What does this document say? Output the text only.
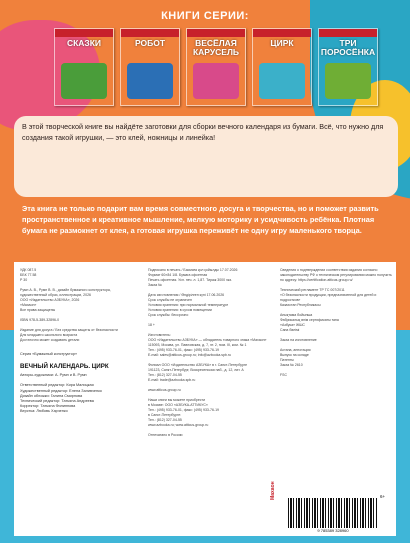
КНИГИ СЕРИИ:
СКАЗКИ	РОБОТ	ВЕСЁЛАЯ КАРУСЕЛЬ
ЦИРК	ТРИ ПОРОСЁНКА
В этой творческой книге вы найдёте заготовки для сборки вечного календаря из бумаги. Всё, что нужно для создания такой игрушки, — это клей, ножницы и линейка!
Эта книга не только подарит вам время совместного досуга и творчества, но и поможет развить пространственное и креативное мышление, мелкую моторику и усидчивость ребёнка. Плотная бумага не размокнет от клея, а готовая игрушка переживёт не одну игру маленького творца.
УДК 087.5
ББК 77.58
Р 30

Румп А. В., Румп В. В., дизайн бумажного конструктора, художественный образ, иллюстрации, 2026
ООО «Издательство АЗБУКА», 2026
«Махаон»
Все права защищены

ISBN 978-5-389-32896-0

Издание для досуга / Без средства защиты от безопасности
Для младшего школьного возраста
Достаточно может создавать детали
Серия «Бумажный конструктор»
ВЕЧНЫЙ КАЛЕНДАРЬ. ЦИРК
Авторы-художники: А. Румп и В. Румп

Ответственный редактор: Кира Малицкая
Художественный редактор: Елена Заливченко
Дизайн обложки: Галина Смирнова
Технический редактор: Татьяна Андреева
Корректор: Татьяна Филиппова
Верстка: Любовь Харченко
Подписано в печать / Басмаға қол қойылды 17.07.2026
Формат 60×84 1/8. Бумага офсетная
Печать офсетная. Усл. печ. л. 1,87. Тираж 3000 экз.
Заказ №

Дата изготовления / Өндірілген күні 17.06.2026
Срок службы не ограничен
Условия хранения: при нормальной температуре
Условия хранения: в сухом помещении
Срок службы: бессрочно

18 +

Изготовитель:
ООО «Издательство АЗБУКА» — обладатель товарного знака «Махаон»
115093, Москва, ул. Павловская, д. 7, эт. 2, пом. III, ком. № 1
Тел.: (495) 933-76-01, факс: (495) 933-76-19
E-mail: sales@atticus-group.ru; info@azbooka.spb.ru

Филиал ООО «Издательство АЗБУКА» в г. Санкт-Петербурге
191123, Санкт-Петербург, Воскресенская наб., д. 12, лит. А
Тел.: (812) 327-04-55
E-mail: trade@azbooka.spb.ru

www.atticus-group.ru

Наши книги вы можете приобрести
в Москве: ООО «АЗБУКА-АТТИКУС»
Тел.: (495) 933-76-01, факс: (495) 933-76-19
в Санкт-Петербурге:
Тел.: (812) 327-04-55
www.azbooka.ru; www.atticus-group.ru

Отпечатано в России
Сведения о подтверждении соответствия издания согласно законодательству РФ о техническом регулировании можно получить по адресу: https://certification.atticus-group.ru/

Технический регламент ТР ТС 007/2011
«О безопасности продукции, предназначенной для детей и подростков»
Казахстан Республикасы

Анықтама бойынша
Фабрикалық өнім сертификаты ғана
«Азбука» ЖШС
Сапа бөлімі

Заказ на изготовление

Астана, аннотация
Выпуск на складе
Патенты
Заказ № 2610

FSC
6+
Махаон
9 785389 328960
